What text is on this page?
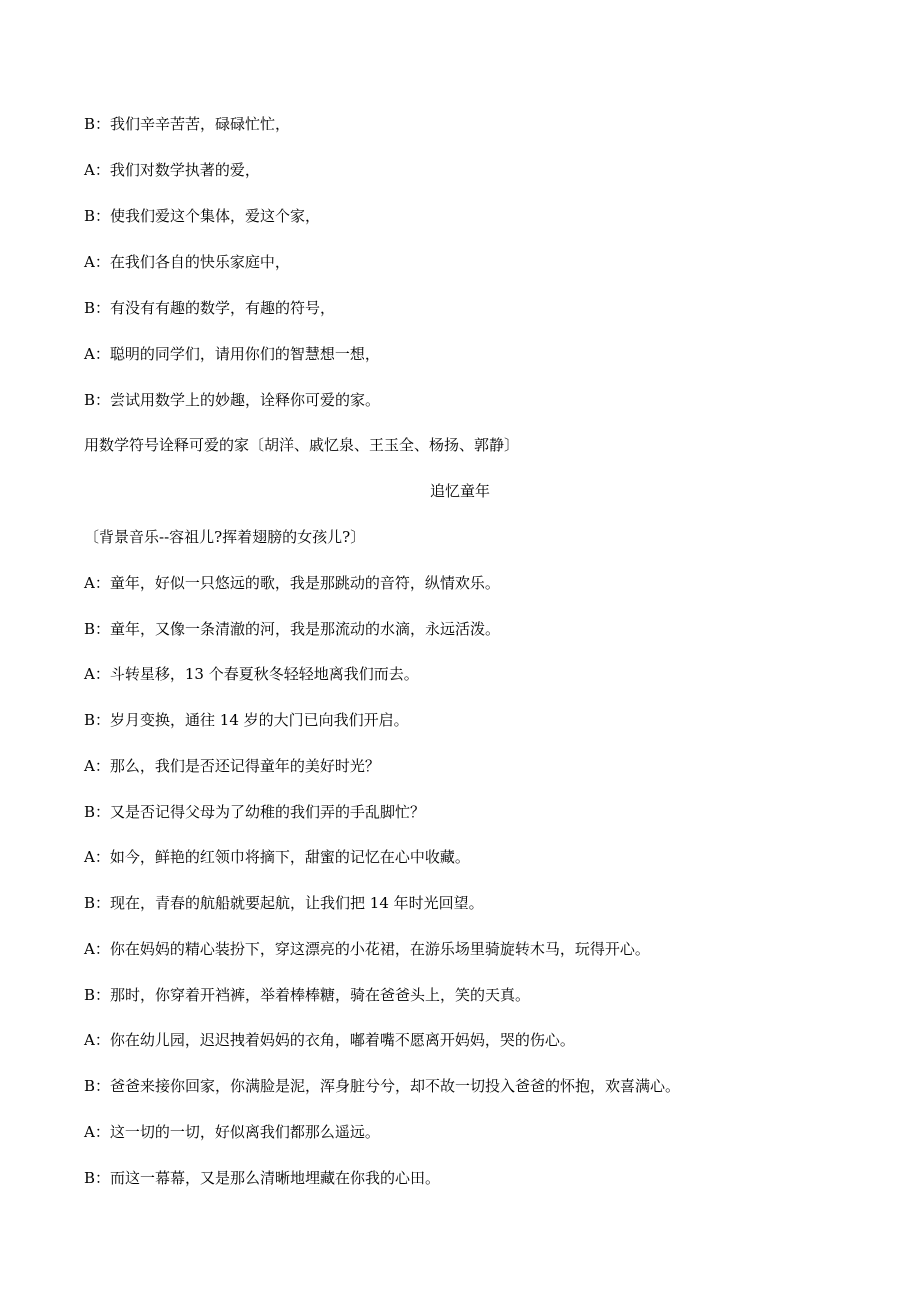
B：我们辛辛苦苦，碌碌忙忙，
A：我们对数学执著的爱，
B：使我们爱这个集体，爱这个家，
A：在我们各自的快乐家庭中，
B：有没有有趣的数学，有趣的符号，
A：聪明的同学们，请用你们的智慧想一想，
B：尝试用数学上的妙趣，诠释你可爱的家。
用数学符号诠释可爱的家〔胡洋、戚忆泉、王玉全、杨扬、郭静〕
追忆童年
〔背景音乐--容祖儿?挥着翅膀的女孩儿?〕
A：童年，好似一只悠远的歌，我是那跳动的音符，纵情欢乐。
B：童年，又像一条清澈的河，我是那流动的水滴，永远活泼。
A：斗转星移，13 个春夏秋冬轻轻地离我们而去。
B：岁月变换，通往 14 岁的大门已向我们开启。
A：那么，我们是否还记得童年的美好时光？
B：又是否记得父母为了幼稚的我们弄的手乱脚忙？
A：如今，鲜艳的红领巾将摘下，甜蜜的记忆在心中收藏。
B：现在，青春的航船就要起航，让我们把 14 年时光回望。
A：你在妈妈的精心装扮下，穿这漂亮的小花裙，在游乐场里骑旋转木马，玩得开心。
B：那时，你穿着开裆裤，举着棒棒糖，骑在爸爸头上，笑的天真。
A：你在幼儿园，迟迟拽着妈妈的衣角，嘟着嘴不愿离开妈妈，哭的伤心。
B：爸爸来接你回家，你满脸是泥，浑身脏兮兮，却不故一切投入爸爸的怀抱，欢喜满心。
A：这一切的一切，好似离我们都那么遥远。
B：而这一幕幕，又是那么清晰地埋藏在你我的心田。
